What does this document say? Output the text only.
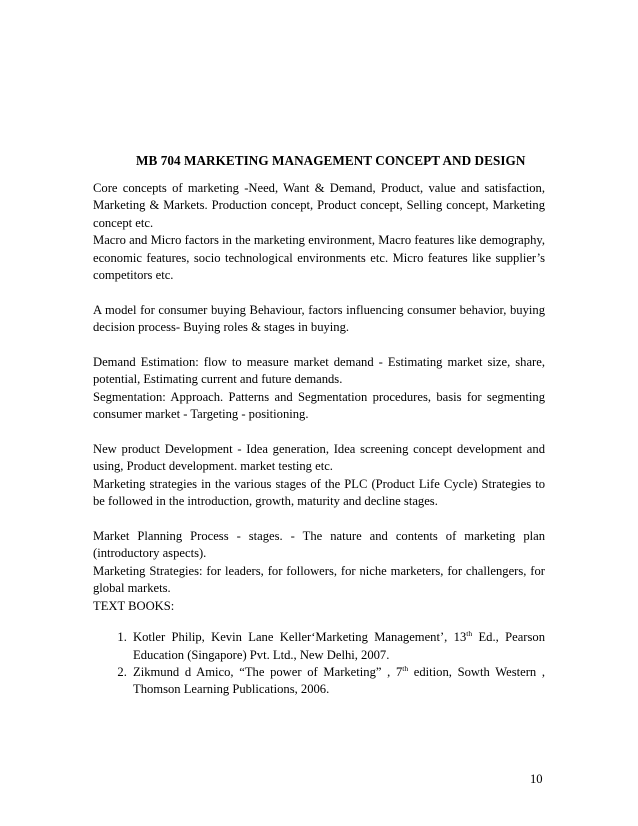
MB 704 MARKETING MANAGEMENT CONCEPT AND DESIGN

Core concepts of marketing -Need, Want & Demand, Product, value and satisfaction, Marketing & Markets. Production concept, Product concept, Selling concept, Marketing concept etc.

Macro and Micro factors in the marketing environment, Macro features like demography, economic features, socio technological environments etc. Micro features like supplier’s competitors etc.

A model for consumer buying Behaviour, factors influencing consumer behavior, buying decision process- Buying roles & stages in buying.

Demand Estimation: flow to measure market demand - Estimating market size, share, potential, Estimating current and future demands.

Segmentation: Approach. Patterns and Segmentation procedures, basis for segmenting consumer market - Targeting - positioning.

New product Development - Idea generation, Idea screening concept development and using, Product development. market testing etc.

Marketing strategies in the various stages of the PLC (Product Life Cycle) Strategies to be followed in the introduction, growth, maturity and decline stages.

Market Planning Process - stages. - The nature and contents of marketing plan (introductory aspects).

Marketing Strategies: for leaders, for followers, for niche marketers, for challengers, for global markets.

TEXT BOOKS:

1. Kotler Philip, Kevin Lane Keller‘Marketing Management’, 13th Ed., Pearson Education (Singapore) Pvt. Ltd., New Delhi, 2007.
2. Zikmund d Amico, “The power of Marketing” , 7th edition, Sowth Western , Thomson Learning Publications, 2006.
10
